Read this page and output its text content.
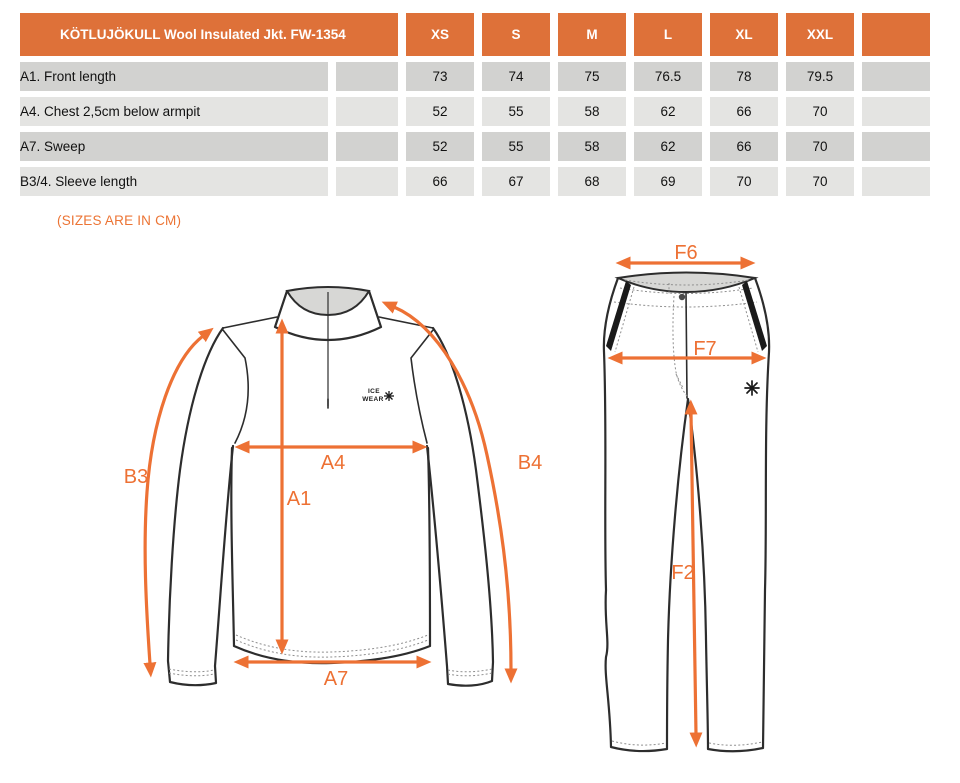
KÖTLUJÖKULL Wool Insulated Jkt. FW-1354		XS	S	M	L	XL	XXL	
A1. Front length		73	74	75	76.5	78	79.5	
A4. Chest 2,5cm below armpit		52	55	58	62	66	70	
A7. Sweep		52	55	58	62	66	70	
B3/4. Sleeve length		66	67	68	69	70	70	
(SIZES ARE IN CM)
ICE
WEAR
B3
A4
A1
A7
B4
F6
F7
F2
